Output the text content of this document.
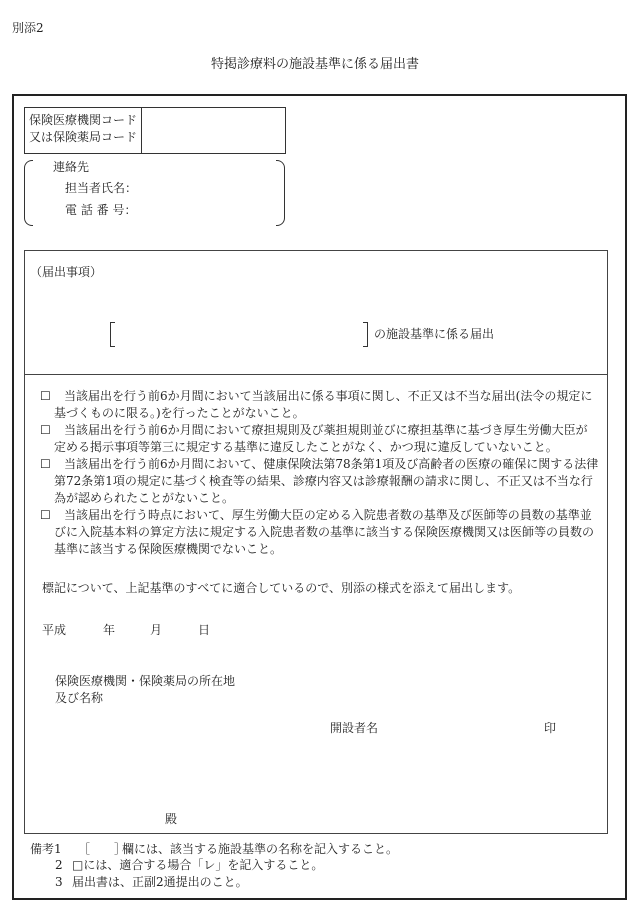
別添2
特掲診療料の施設基準に係る届出書
保険医療機関コード
又は保険薬局コード
連絡先
担当者氏名：
電 話 番 号：
（届出事項）
の施設基準に係る届出
☐ 当該届出を行う前6か月間において当該届出に係る事項に関し、不正又は不当な届出(法令の規定に
基づくものに限る。)を行ったことがないこと。
☐ 当該届出を行う前6か月間において療担規則及び薬担規則並びに療担基準に基づき厚生労働大臣が
定める掲示事項等第三に規定する基準に違反したことがなく、かつ現に違反していないこと。
☐ 当該届出を行う前6か月間において、健康保険法第78条第1項及び高齢者の医療の確保に関する法律
第72条第1項の規定に基づく検査等の結果、診療内容又は診療報酬の請求に関し、不正又は不当な行
為が認められたことがないこと。
☐ 当該届出を行う時点において、厚生労働大臣の定める入院患者数の基準及び医師等の員数の基準並
びに入院基本料の算定方法に規定する入院患者数の基準に該当する保険医療機関又は医師等の員数の
基準に該当する保険医療機関でないこと。
標記について、上記基準のすべてに適合しているので、別添の様式を添えて届出します。
平成	年	月	日
保険医療機関・保険薬局の所在地
及び名称
開設者名	印
殿
備考1 ［　　］
欄には、該当する施設基準の名称を記入すること。
2 □には、適合する場合「レ」を記入すること。
3 届出書は、正副2通提出のこと。
